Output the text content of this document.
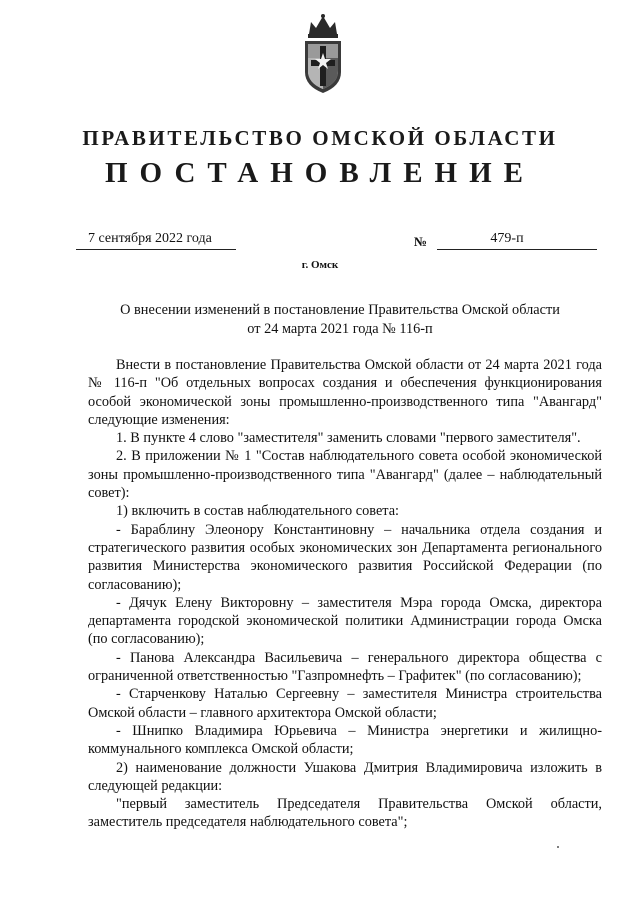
ПРАВИТЕЛЬСТВО ОМСКОЙ ОБЛАСТИ
ПОСТАНОВЛЕНИЕ
7 сентября 2022 года	№	479-п
г. Омск
О внесении изменений в постановление Правительства Омской области
от 24 марта 2021 года № 116-п

Внести в постановление Правительства Омской области от 24 марта 2021 года № 116-п "Об отдельных вопросах создания и обеспечения функционирования особой экономической зоны промышленно-производственного типа "Авангард" следующие изменения:

1. В пункте 4 слово "заместителя" заменить словами "первого заместителя".

2. В приложении № 1 "Состав наблюдательного совета особой экономической зоны промышленно-производственного типа "Авангард" (далее – наблюдательный совет):

1) включить в состав наблюдательного совета:

- Бараблину Элеонору Константиновну – начальника отдела создания и стратегического развития особых экономических зон Департамента регионального развития Министерства экономического развития Российской Федерации (по согласованию);

- Дячук Елену Викторовну – заместителя Мэра города Омска, директора департамента городской экономической политики Администрации города Омска (по согласованию);

- Панова Александра Васильевича – генерального директора общества с ограниченной ответственностью "Газпромнефть – Графитек" (по согласованию);

- Старченкову Наталью Сергеевну – заместителя Министра строительства Омской области – главного архитектора Омской области;

- Шнипко Владимира Юрьевича – Министра энергетики и жилищно-коммунального комплекса Омской области;

2) наименование должности Ушакова Дмитрия Владимировича изложить в следующей редакции:

"первый заместитель Председателя Правительства Омской области, заместитель председателя наблюдательного совета";
